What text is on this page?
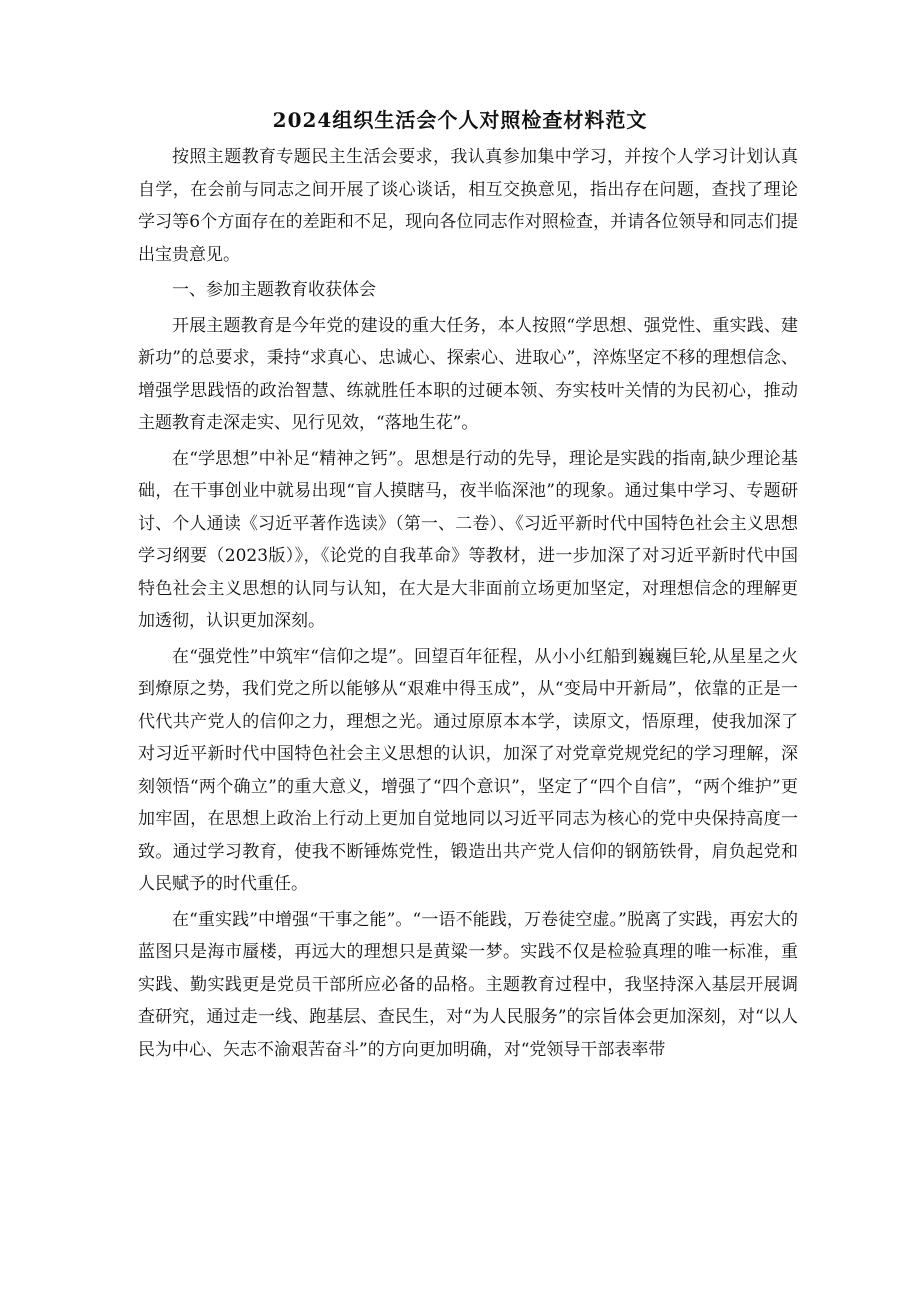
2024组织生活会个人对照检查材料范文

按照主题教育专题民主生活会要求，我认真参加集中学习，并按个人学习计划认真自学，在会前与同志之间开展了谈心谈话，相互交换意见，指出存在问题，查找了理论学习等6个方面存在的差距和不足，现向各位同志作对照检查，并请各位领导和同志们提出宝贵意见。

一、参加主题教育收获体会

开展主题教育是今年党的建设的重大任务，本人按照“学思想、强党性、重实践、建新功”的总要求，秉持“求真心、忠诚心、探索心、进取心”，淬炼坚定不移的理想信念、增强学思践悟的政治智慧、练就胜任本职的过硬本领、夯实枝叶关情的为民初心，推动主题教育走深走实、见行见效，“落地生花”。

在“学思想”中补足“精神之钙”。思想是行动的先导，理论是实践的指南,缺少理论基础，在干事创业中就易出现“盲人摸瞎马，夜半临深池”的现象。通过集中学习、专题研讨、个人通读《习近平著作选读》（第一、二卷）、《习近平新时代中国特色社会主义思想学习纲要（2023版）》，《论党的自我革命》等教材，进一步加深了对习近平新时代中国特色社会主义思想的认同与认知，在大是大非面前立场更加坚定，对理想信念的理解更加透彻，认识更加深刻。

在“强党性”中筑牢“信仰之堤”。回望百年征程，从小小红船到巍巍巨轮,从星星之火到燎原之势，我们党之所以能够从“艰难中得玉成”，从“变局中开新局”，依靠的正是一代代共产党人的信仰之力，理想之光。通过原原本本学，读原文，悟原理，使我加深了对习近平新时代中国特色社会主义思想的认识，加深了对党章党规党纪的学习理解，深刻领悟“两个确立”的重大意义，增强了“四个意识”，坚定了“四个自信”，“两个维护”更加牢固，在思想上政治上行动上更加自觉地同以习近平同志为核心的党中央保持高度一致。通过学习教育，使我不断锤炼党性，锻造出共产党人信仰的钢筋铁骨，肩负起党和人民赋予的时代重任。

在“重实践”中增强“干事之能”。“一语不能践，万卷徒空虚。”脱离了实践，再宏大的蓝图只是海市蜃楼，再远大的理想只是黄粱一梦。实践不仅是检验真理的唯一标准，重实践、勤实践更是党员干部所应必备的品格。主题教育过程中，我坚持深入基层开展调查研究，通过走一线、跑基层、查民生，对“为人民服务”的宗旨体会更加深刻，对“以人民为中心、矢志不渝艰苦奋斗”的方向更加明确，对“党领导干部表率带
